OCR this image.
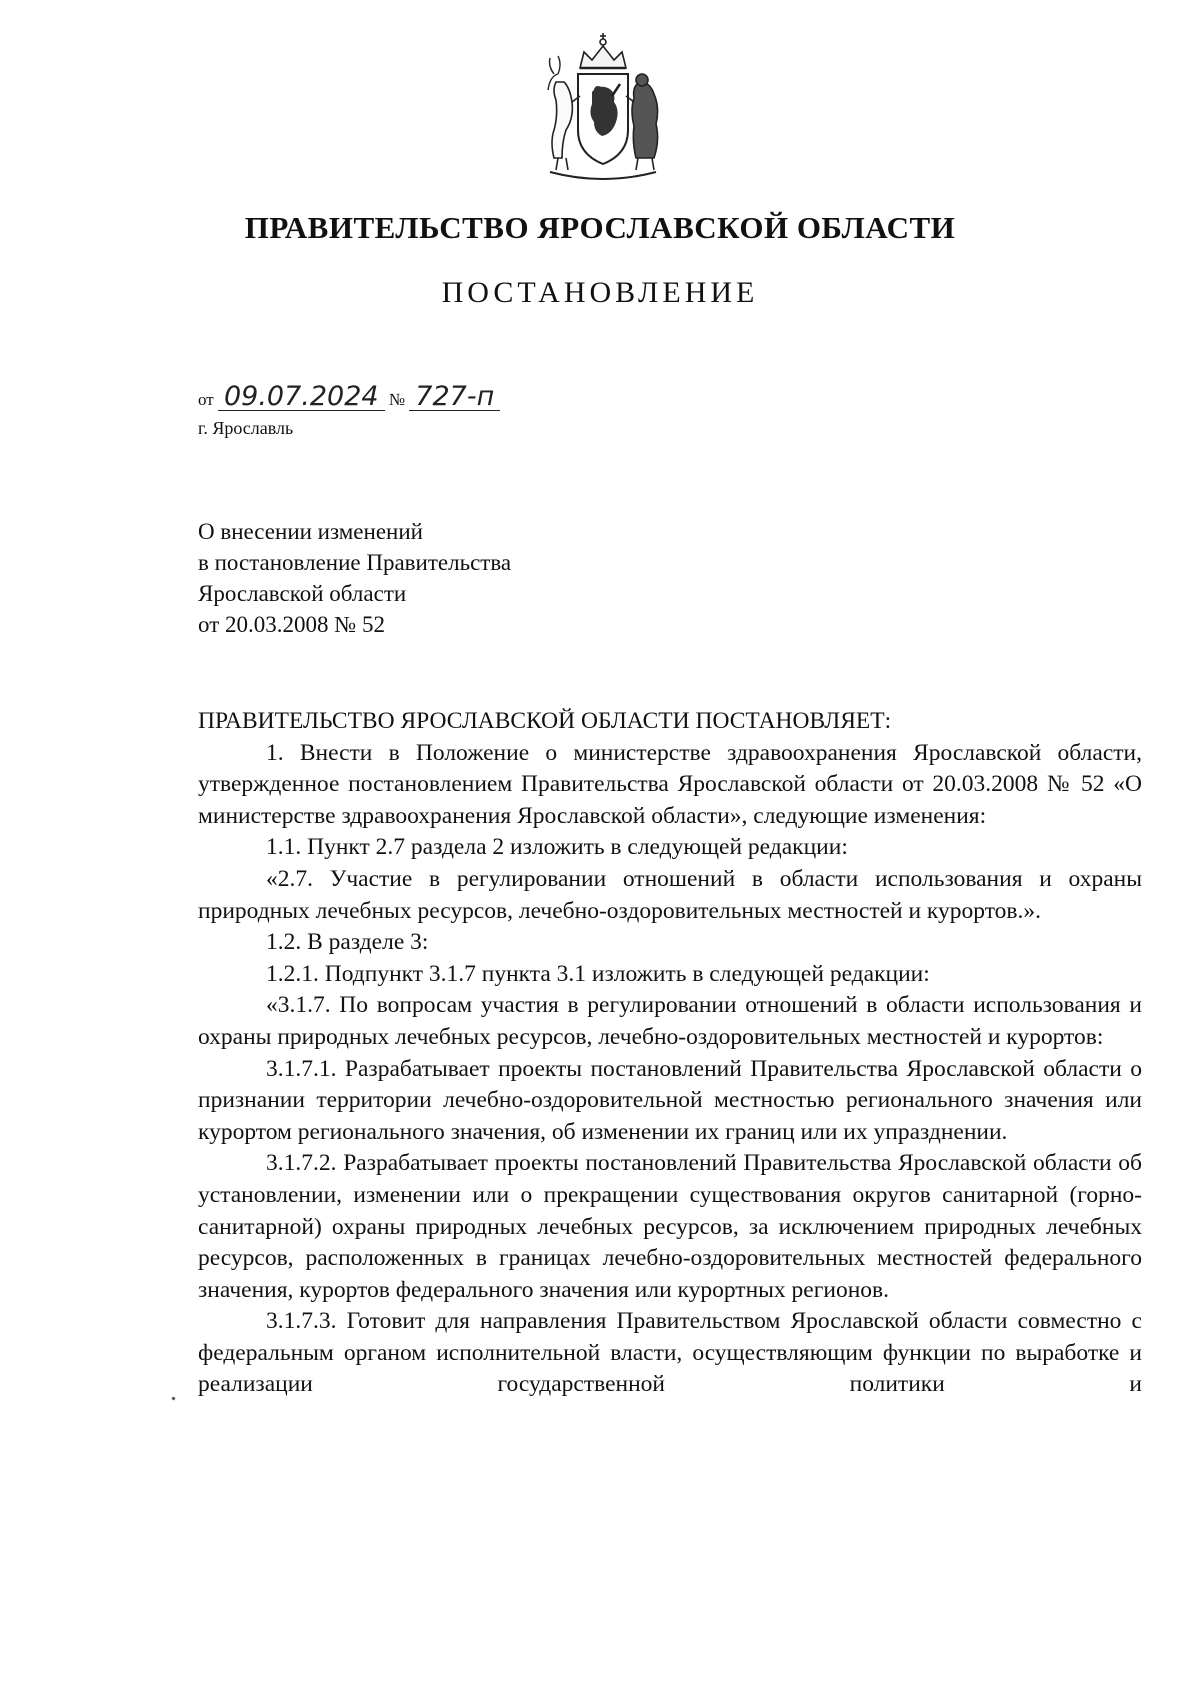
ПРАВИТЕЛЬСТВО ЯРОСЛАВСКОЙ ОБЛАСТИ
ПОСТАНОВЛЕНИЕ
от 09.07.2024 № 727-п
г. Ярославль
О внесении изменений
в постановление Правительства
Ярославской области
от 20.03.2008 № 52

ПРАВИТЕЛЬСТВО ЯРОСЛАВСКОЙ ОБЛАСТИ ПОСТАНОВЛЯЕТ:

1. Внести в Положение о министерстве здравоохранения Ярославской области, утвержденное постановлением Правительства Ярославской области от 20.03.2008 № 52 «О министерстве здравоохранения Ярославской области», следующие изменения:

1.1. Пункт 2.7 раздела 2 изложить в следующей редакции:

«2.7. Участие в регулировании отношений в области использования и охраны природных лечебных ресурсов, лечебно-оздоровительных местностей и курортов.».

1.2. В разделе 3:

1.2.1. Подпункт 3.1.7 пункта 3.1 изложить в следующей редакции:

«3.1.7. По вопросам участия в регулировании отношений в области использования и охраны природных лечебных ресурсов, лечебно-оздоровительных местностей и курортов:

3.1.7.1. Разрабатывает проекты постановлений Правительства Ярославской области о признании территории лечебно-оздоровительной местностью регионального значения или курортом регионального значения, об изменении их границ или их упразднении.

3.1.7.2. Разрабатывает проекты постановлений Правительства Ярославской области об установлении, изменении или о прекращении существования округов санитарной (горно-санитарной) охраны природных лечебных ресурсов, за исключением природных лечебных ресурсов, расположенных в границах лечебно-оздоровительных местностей федерального значения, курортов федерального значения или курортных регионов.

3.1.7.3. Готовит для направления Правительством Ярославской области совместно с федеральным органом исполнительной власти, осуществляющим функции по выработке и реализации государственной политики и
